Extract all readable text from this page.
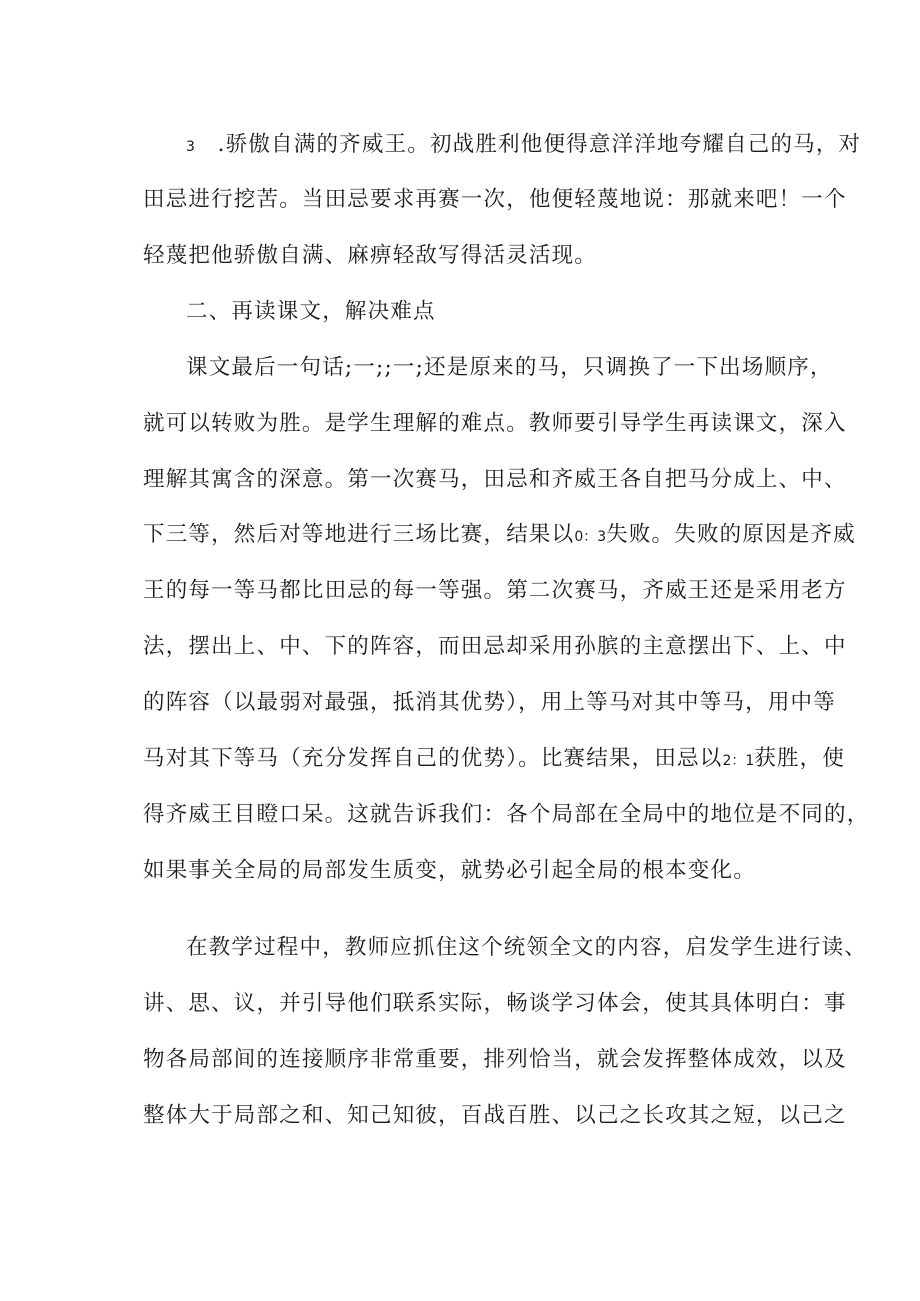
3　.骄傲自满的齐威王。初战胜利他便得意洋洋地夸耀自己的马，对
田忌进行挖苦。当田忌要求再赛一次，他便轻蔑地说：那就来吧！一个
轻蔑把他骄傲自满、麻痹轻敌写得活灵活现。
二、再读课文，解决难点
课文最后一句话;一;;一;还是原来的马，只调换了一下出场顺序，
就可以转败为胜。是学生理解的难点。教师要引导学生再读课文，深入
理解其寓含的深意。第一次赛马，田忌和齐威王各自把马分成上、中、
下三等，然后对等地进行三场比赛，结果以0：3失败。失败的原因是齐威
王的每一等马都比田忌的每一等强。第二次赛马，齐威王还是采用老方
法，摆出上、中、下的阵容，而田忌却采用孙膑的主意摆出下、上、中
的阵容（以最弱对最强，抵消其优势），用上等马对其中等马，用中等
马对其下等马（充分发挥自己的优势）。比赛结果，田忌以2：1获胜，使
得齐威王目瞪口呆。这就告诉我们：各个局部在全局中的地位是不同的，
如果事关全局的局部发生质变，就势必引起全局的根本变化。
在教学过程中，教师应抓住这个统领全文的内容，启发学生进行读、
讲、思、议，并引导他们联系实际，畅谈学习体会，使其具体明白：事
物各局部间的连接顺序非常重要，排列恰当，就会发挥整体成效，以及
整体大于局部之和、知己知彼，百战百胜、以己之长攻其之短，以己之
